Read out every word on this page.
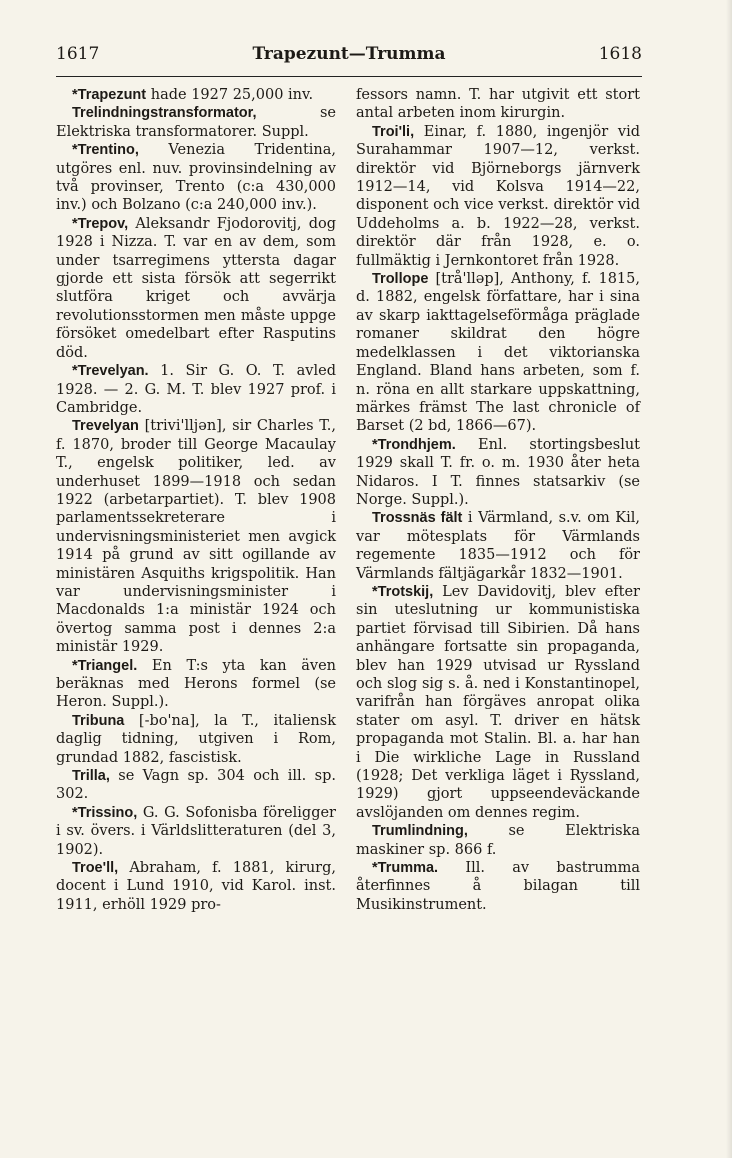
1617	Trapezunt—Trumma	1618

*Trapezunt hade 1927 25,000 inv.

Trelindningstransformator, se Elektriska transformatorer. Suppl.

*Trentino, Venezia Tridentina, utgöres enl. nuv. provinsindelning av två provinser, Trento (c:a 430,000 inv.) och Bolzano (c:a 240,000 inv.).

*Trepov, Aleksandr Fjodorovitj, dog 1928 i Nizza. T. var en av dem, som under tsarregimens yttersta dagar gjorde ett sista försök att segerrikt slutföra kriget och avvärja revolutionsstormen men måste uppge försöket omedelbart efter Rasputins död.

*Trevelyan. 1. Sir G. O. T. avled 1928. — 2. G. M. T. blev 1927 prof. i Cambridge.

Trevelyan [trivi'lljən], sir Charles T., f. 1870, broder till George Macaulay T., engelsk politiker, led. av underhuset 1899—1918 och sedan 1922 (arbetarpartiet). T. blev 1908 parlamentssekreterare i undervisningsministeriet men avgick 1914 på grund av sitt ogillande av ministären Asquiths krigspolitik. Han var undervisningsminister i Macdonalds 1:a ministär 1924 och övertog samma post i dennes 2:a ministär 1929.

*Triangel. En T:s yta kan även beräknas med Herons formel (se Heron. Suppl.).

Tribuna [-bo'na], la T., italiensk daglig tidning, utgiven i Rom, grundad 1882, fascistisk.

Trilla, se Vagn sp. 304 och ill. sp. 302.

*Trissino, G. G. Sofonisba föreligger i sv. övers. i Världslitteraturen (del 3, 1902).

Troe'll, Abraham, f. 1881, kirurg, docent i Lund 1910, vid Karol. inst. 1911, erhöll 1929 pro-

fessors namn. T. har utgivit ett stort antal arbeten inom kirurgin.

Troi'li, Einar, f. 1880, ingenjör vid Surahammar 1907—12, verkst. direktör vid Björneborgs järnverk 1912—14, vid Kolsva 1914—22, disponent och vice verkst. direktör vid Uddeholms a. b. 1922—28, verkst. direktör där från 1928, e. o. fullmäktig i Jernkontoret från 1928.

Trollope [trå'lləp], Anthony, f. 1815, d. 1882, engelsk författare, har i sina av skarp iakttagelseförmåga präglade romaner skildrat den högre medelklassen i det viktorianska England. Bland hans arbeten, som f. n. röna en allt starkare uppskattning, märkes främst The last chronicle of Barset (2 bd, 1866—67).

*Trondhjem. Enl. stortingsbeslut 1929 skall T. fr. o. m. 1930 åter heta Nidaros. I T. finnes statsarkiv (se Norge. Suppl.).

Trossnäs fält i Värmland, s.v. om Kil, var mötesplats för Värmlands regemente 1835—1912 och för Värmlands fältjägarkår 1832—1901.

*Trotskij, Lev Davidovitj, blev efter sin uteslutning ur kommunistiska partiet förvisad till Sibirien. Då hans anhängare fortsatte sin propaganda, blev han 1929 utvisad ur Ryssland och slog sig s. å. ned i Konstantinopel, varifrån han förgäves anropat olika stater om asyl. T. driver en hätsk propaganda mot Stalin. Bl. a. har han i Die wirkliche Lage in Russland (1928; Det verkliga läget i Ryssland, 1929) gjort uppseendeväckande avslöjanden om dennes regim.

Trumlindning, se Elektriska maskiner sp. 866 f.

*Trumma. Ill. av bastrumma återfinnes å bilagan till Musikinstrument.
